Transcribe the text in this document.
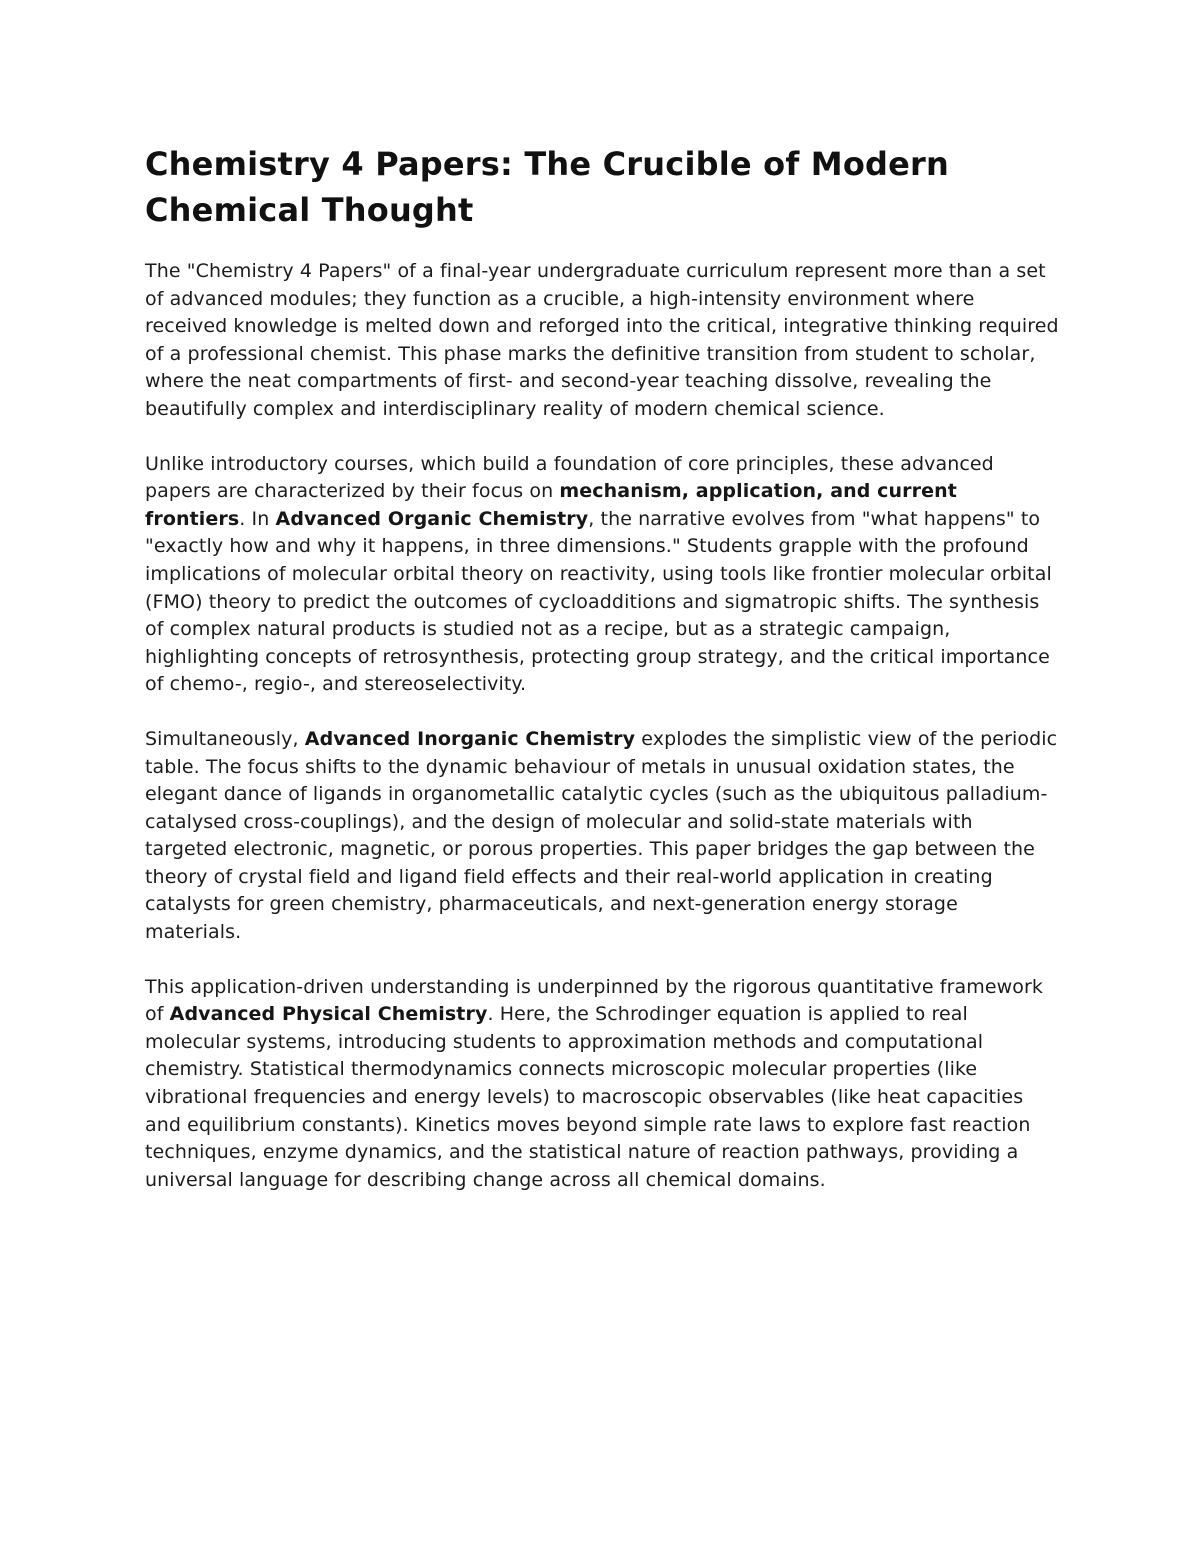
Chemistry 4 Papers: The Crucible of Modern Chemical Thought

The "Chemistry 4 Papers" of a final-year undergraduate curriculum represent more than a set of advanced modules; they function as a crucible, a high-intensity environment where received knowledge is melted down and reforged into the critical, integrative thinking required of a professional chemist. This phase marks the definitive transition from student to scholar, where the neat compartments of first- and second-year teaching dissolve, revealing the beautifully complex and interdisciplinary reality of modern chemical science.

Unlike introductory courses, which build a foundation of core principles, these advanced papers are characterized by their focus on mechanism, application, and current frontiers. In Advanced Organic Chemistry, the narrative evolves from "what happens" to "exactly how and why it happens, in three dimensions." Students grapple with the profound implications of molecular orbital theory on reactivity, using tools like frontier molecular orbital (FMO) theory to predict the outcomes of cycloadditions and sigmatropic shifts. The synthesis of complex natural products is studied not as a recipe, but as a strategic campaign, highlighting concepts of retrosynthesis, protecting group strategy, and the critical importance of chemo-, regio-, and stereoselectivity.

Simultaneously, Advanced Inorganic Chemistry explodes the simplistic view of the periodic table. The focus shifts to the dynamic behaviour of metals in unusual oxidation states, the elegant dance of ligands in organometallic catalytic cycles (such as the ubiquitous palladium-catalysed cross-couplings), and the design of molecular and solid-state materials with targeted electronic, magnetic, or porous properties. This paper bridges the gap between the theory of crystal field and ligand field effects and their real-world application in creating catalysts for green chemistry, pharmaceuticals, and next-generation energy storage materials.

This application-driven understanding is underpinned by the rigorous quantitative framework of Advanced Physical Chemistry. Here, the Schrodinger equation is applied to real molecular systems, introducing students to approximation methods and computational chemistry. Statistical thermodynamics connects microscopic molecular properties (like vibrational frequencies and energy levels) to macroscopic observables (like heat capacities and equilibrium constants). Kinetics moves beyond simple rate laws to explore fast reaction techniques, enzyme dynamics, and the statistical nature of reaction pathways, providing a universal language for describing change across all chemical domains.
